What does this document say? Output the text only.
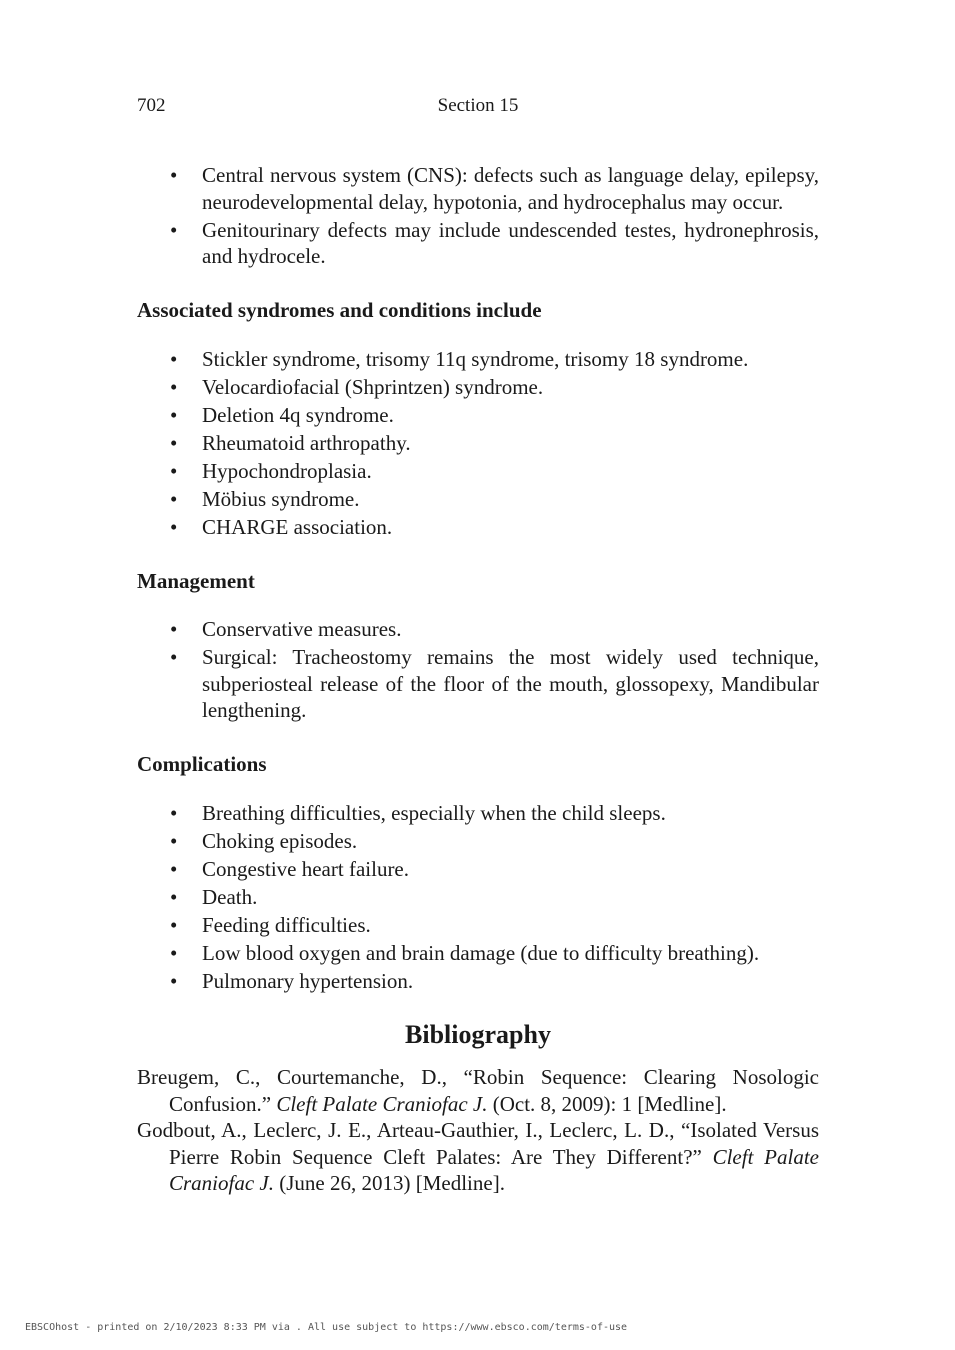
702	Section 15
• Central nervous system (CNS): defects such as language delay, epilepsy, neurodevelopmental delay, hypotonia, and hydrocephalus may occur.
• Genitourinary defects may include undescended testes, hydronephrosis, and hydrocele.
Associated syndromes and conditions include
• Stickler syndrome, trisomy 11q syndrome, trisomy 18 syndrome.
• Velocardiofacial (Shprintzen) syndrome.
• Deletion 4q syndrome.
• Rheumatoid arthropathy.
• Hypochondroplasia.
• Möbius syndrome.
• CHARGE association.
Management
• Conservative measures.
• Surgical: Tracheostomy remains the most widely used technique, subperiosteal release of the floor of the mouth, glossopexy, Mandibular lengthening.
Complications
• Breathing difficulties, especially when the child sleeps.
• Choking episodes.
• Congestive heart failure.
• Death.
• Feeding difficulties.
• Low blood oxygen and brain damage (due to difficulty breathing).
• Pulmonary hypertension.
Bibliography

Breugem, C., Courtemanche, D., “Robin Sequence: Clearing Nosologic Confusion.” Cleft Palate Craniofac J. (Oct. 8, 2009): 1 [Medline].

Godbout, A., Leclerc, J. E., Arteau-Gauthier, I., Leclerc, L. D., “Isolated Versus Pierre Robin Sequence Cleft Palates: Are They Different?” Cleft Palate Craniofac J. (June 26, 2013) [Medline].

EBSCOhost - printed on 2/10/2023 8:33 PM via . All use subject to https://www.ebsco.com/terms-of-use
